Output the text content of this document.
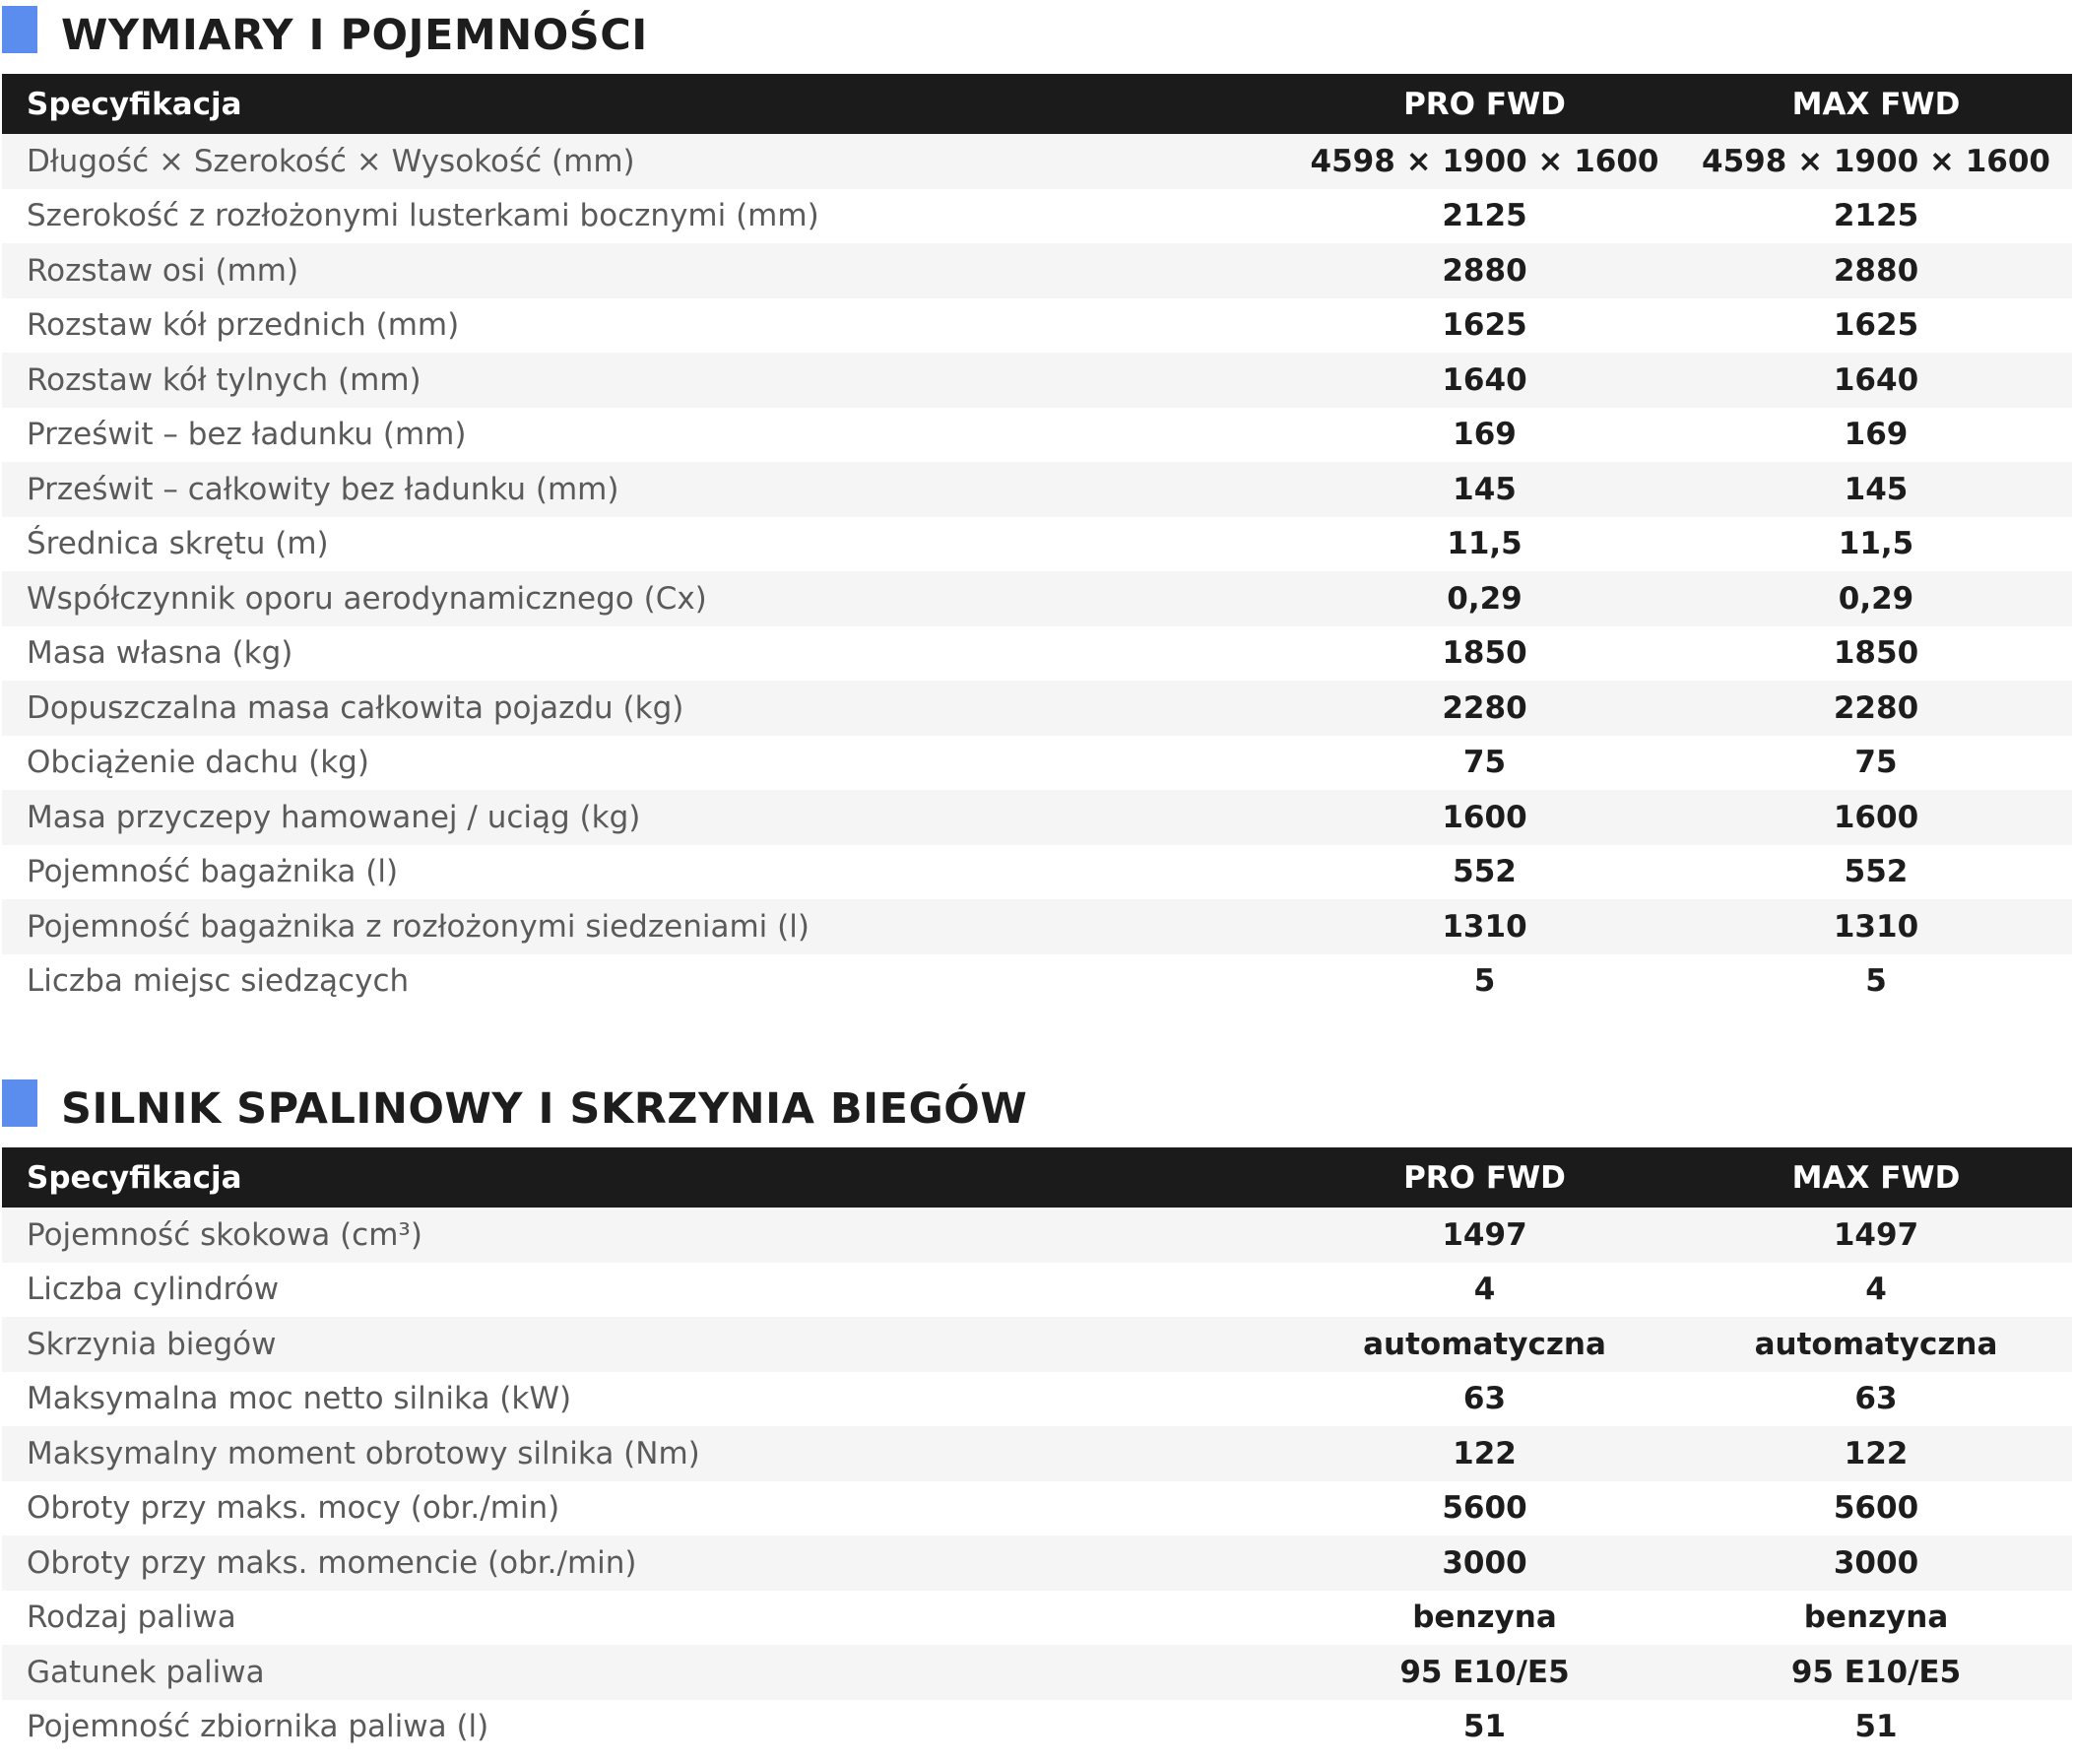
WYMIARY I POJEMNOŚCI
Specyfikacja	PRO FWD	MAX FWD
Długość × Szerokość × Wysokość (mm)	4598 × 1900 × 1600	4598 × 1900 × 1600
Szerokość z rozłożonymi lusterkami bocznymi (mm)	2125	2125
Rozstaw osi (mm)	2880	2880
Rozstaw kół przednich (mm)	1625	1625
Rozstaw kół tylnych (mm)	1640	1640
Prześwit – bez ładunku (mm)	169	169
Prześwit – całkowity bez ładunku (mm)	145	145
Średnica skrętu (m)	11,5	11,5
Współczynnik oporu aerodynamicznego (Cx)	0,29	0,29
Masa własna (kg)	1850	1850
Dopuszczalna masa całkowita pojazdu (kg)	2280	2280
Obciążenie dachu (kg)	75	75
Masa przyczepy hamowanej / uciąg (kg)	1600	1600
Pojemność bagażnika (l)	552	552
Pojemność bagażnika z rozłożonymi siedzeniami (l)	1310	1310
Liczba miejsc siedzących	5	5
SILNIK SPALINOWY I SKRZYNIA BIEGÓW
Specyfikacja	PRO FWD	MAX FWD
Pojemność skokowa (cm³)	1497	1497
Liczba cylindrów	4	4
Skrzynia biegów	automatyczna	automatyczna
Maksymalna moc netto silnika (kW)	63	63
Maksymalny moment obrotowy silnika (Nm)	122	122
Obroty przy maks. mocy (obr./min)	5600	5600
Obroty przy maks. momencie (obr./min)	3000	3000
Rodzaj paliwa	benzyna	benzyna
Gatunek paliwa	95 E10/E5	95 E10/E5
Pojemność zbiornika paliwa (l)	51	51
